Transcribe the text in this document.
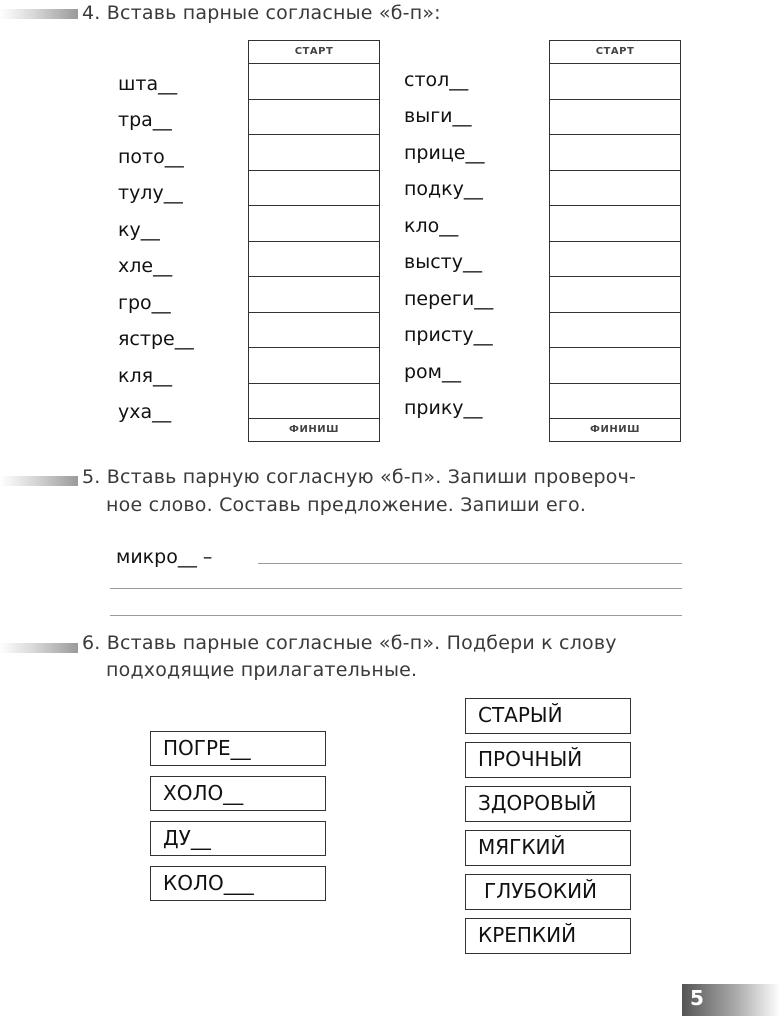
4. Вставь парные согласные «б-п»:
шта__
тра__
пото__
тулу__
ку__
хле__
гро__
ястре__
кля__
уха__
СТАРТ
ФИНИШ
стол__
выги__
прице__
подку__
кло__
высту__
переги__
присту__
ром__
прику__
СТАРТ
ФИНИШ
5. Вставь парную согласную «б-п». Запиши провероч-
ное слово. Составь предложение. Запиши его.
микро__ –
6. Вставь парные согласные «б-п». Подбери к слову
подходящие прилагательные.
ПОГРЕ__
ХОЛО__
ДУ__
КОЛО___
СТАРЫЙ
ПРОЧНЫЙ
ЗДОРОВЫЙ
МЯГКИЙ
ГЛУБОКИЙ
КРЕПКИЙ
5
